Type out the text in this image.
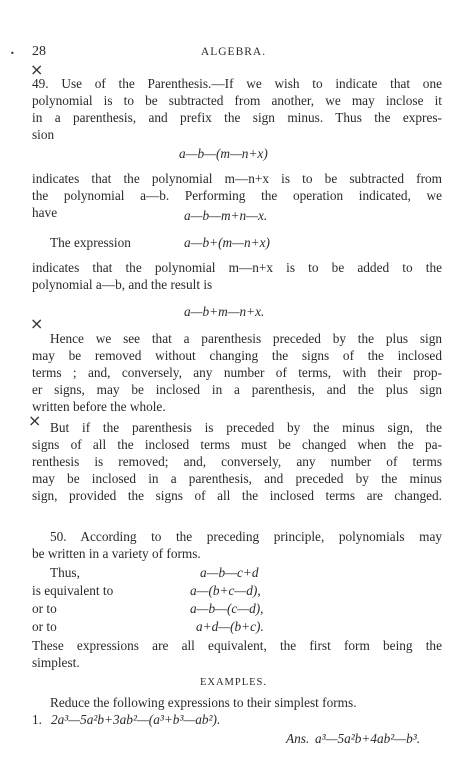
•
×
×
×
28	ALGEBRA.
49. Use of the Parenthesis.—If we wish to indicate that one
polynomial is to be subtracted from another, we may inclose it
in a parenthesis, and prefix the sign minus. Thus the expres-
sion
a—b—(m—n+x)
indicates that the polynomial m—n+x is to be subtracted from
the polynomial a—b. Performing the operation indicated, we
have	a—b—m+n—x.
The expression	a—b+(m—n+x)
indicates that the polynomial m—n+x is to be added to the
polynomial a—b, and the result is
a—b+m—n+x.
Hence we see that a parenthesis preceded by the plus sign
may be removed without changing the signs of the inclosed
terms ; and, conversely, any number of terms, with their prop-
er signs, may be inclosed in a parenthesis, and the plus sign
written before the whole.
But if the parenthesis is preceded by the minus sign, the
signs of all the inclosed terms must be changed when the pa-
renthesis is removed; and, conversely, any number of terms
may be inclosed in a parenthesis, and preceded by the minus
sign, provided the signs of all the inclosed terms are changed.
50. According to the preceding principle, polynomials may
be written in a variety of forms.
Thus,	a—b—c+d
is equivalent to	a—(b+c—d),
or to	a—b—(c—d),
or to	a+d—(b+c).
These expressions are all equivalent, the first form being the
simplest.
EXAMPLES.
Reduce the following expressions to their simplest forms.
1. 2a³—5a²b+3ab²—(a³+b³—ab²).
Ans. a³—5a²b+4ab²—b³.
